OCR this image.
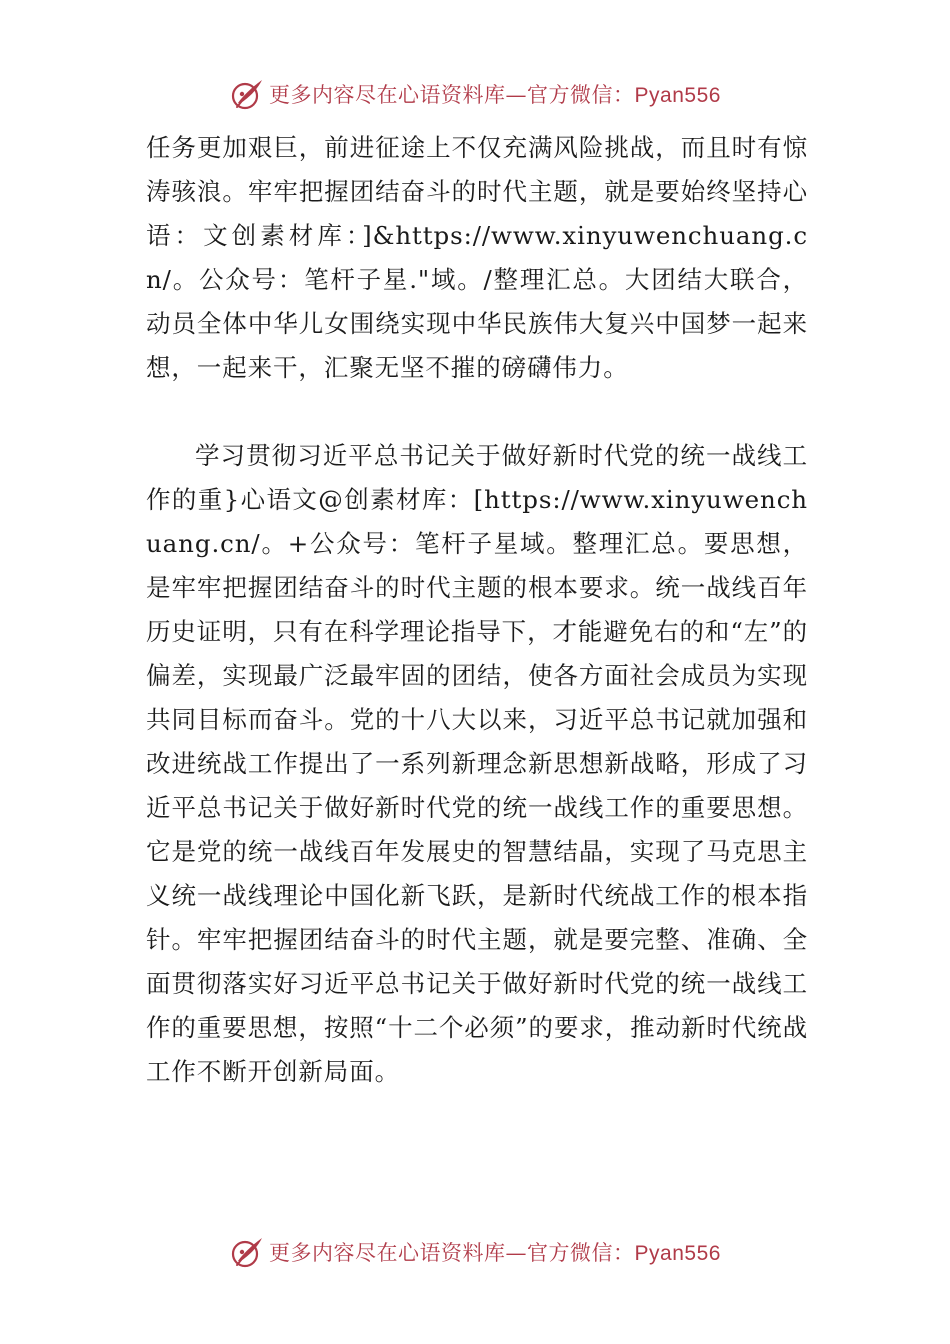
更多内容尽在心语资料库—官方微信：Pyan556

任务更加艰巨，前进征途上不仅充满风险挑战，而且时有惊涛骇浪。牢牢把握团结奋斗的时代主题，就是要始终坚持心语：文创素材库：]&https://www.xinyuwenchuang.cn/。公众号：笔杆子星."域。/整理汇总。大团结大联合，动员全体中华儿女围绕实现中华民族伟大复兴中国梦一起来想，一起来干，汇聚无坚不摧的磅礴伟力。

学习贯彻习近平总书记关于做好新时代党的统一战线工作的重}心语文@创素材库：[https://www.xinyuwenchuang.cn/。+公众号：笔杆子星域。整理汇总。要思想，是牢牢把握团结奋斗的时代主题的根本要求。统一战线百年历史证明，只有在科学理论指导下，才能避免右的和“左”的偏差，实现最广泛最牢固的团结，使各方面社会成员为实现共同目标而奋斗。党的十八大以来，习近平总书记就加强和改进统战工作提出了一系列新理念新思想新战略，形成了习近平总书记关于做好新时代党的统一战线工作的重要思想。它是党的统一战线百年发展史的智慧结晶，实现了马克思主义统一战线理论中国化新飞跃，是新时代统战工作的根本指针。牢牢把握团结奋斗的时代主题，就是要完整、准确、全面贯彻落实好习近平总书记关于做好新时代党的统一战线工作的重要思想，按照“十二个必须”的要求，推动新时代统战工作不断开创新局面。

更多内容尽在心语资料库—官方微信：Pyan556
